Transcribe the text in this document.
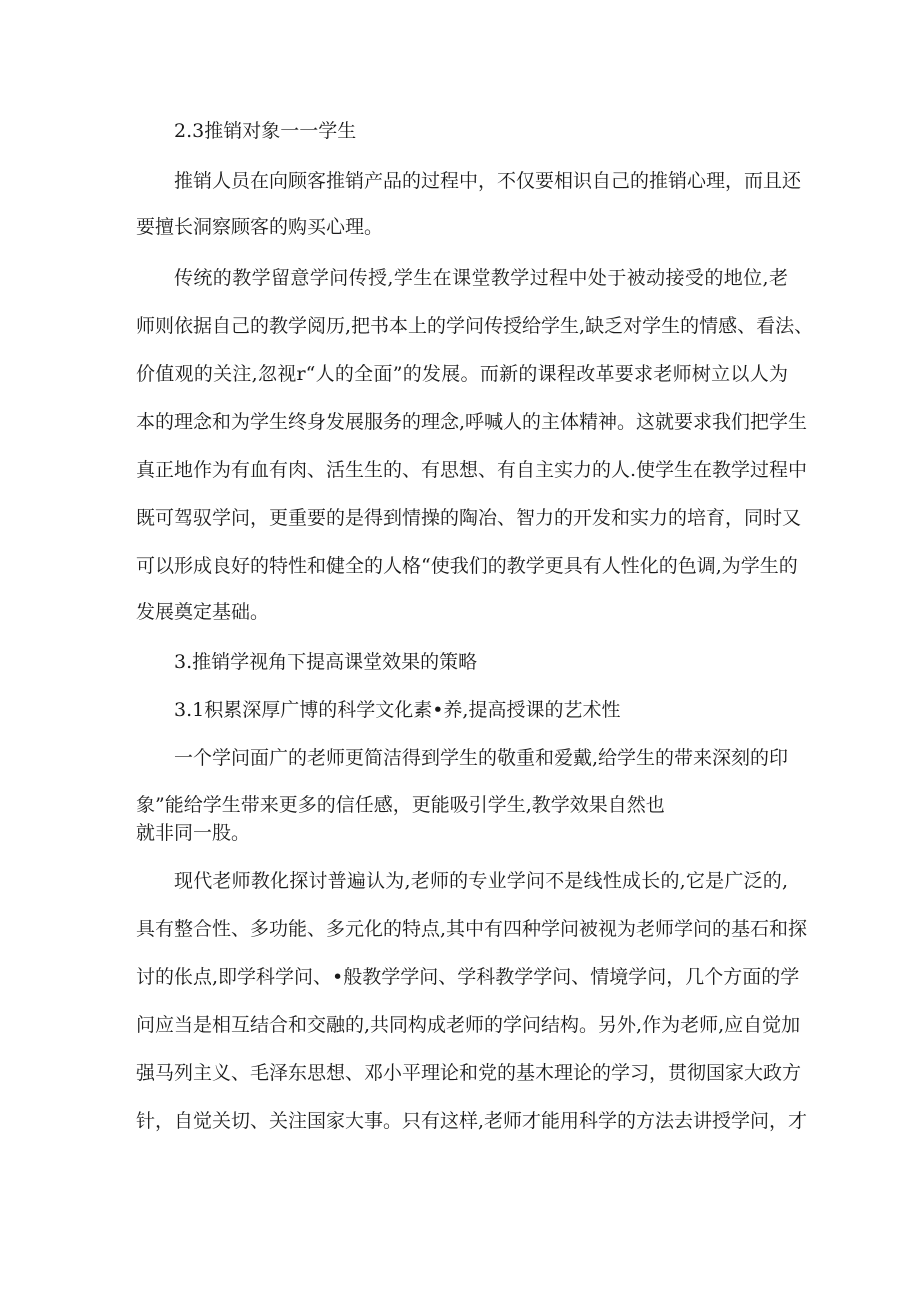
2.3推销对象一一学生

推销人员在向顾客推销产品的过程中，不仅要相识自己的推销心理，而且还

要擅长洞察顾客的购买心理。

传统的教学留意学问传授,学生在课堂教学过程中处于被动接受的地位,老

师则依据自己的教学阅历,把书本上的学问传授给学生,缺乏对学生的情感、看法、

价值观的关注,忽视r“人的全面”的发展。而新的课程改革要求老师树立以人为

本的理念和为学生终身发展服务的理念,呼喊人的主体精神。这就要求我们把学生

真正地作为有血有肉、活生生的、有思想、有自主实力的人.使学生在教学过程中

既可驾驭学问，更重要的是得到情操的陶冶、智力的开发和实力的培育，同时又

可以形成良好的特性和健全的人格“使我们的教学更具有人性化的色调,为学生的

发展奠定基础。

3.推销学视角下提高课堂效果的策略

3.1积累深厚广博的科学文化素•养,提高授课的艺术性

一个学问面广的老师更简洁得到学生的敬重和爱戴,给学生的带来深刻的印

象”能给学生带来更多的信任感，更能吸引学生,教学效果自然也

就非同一股。

现代老师教化探讨普遍认为,老师的专业学问不是线性成长的,它是广泛的,

具有整合性、多功能、多元化的特点,其中有四种学问被视为老师学问的基石和探

讨的伥点,即学科学问、•般教学学问、学科教学学问、情境学问，几个方面的学

问应当是相互结合和交融的,共同构成老师的学问结构。另外,作为老师,应自觉加

强马列主义、毛泽东思想、邓小平理论和党的基木理论的学习，贯彻国家大政方

针，自觉关切、关注国家大事。只有这样,老师才能用科学的方法去讲授学问，才
